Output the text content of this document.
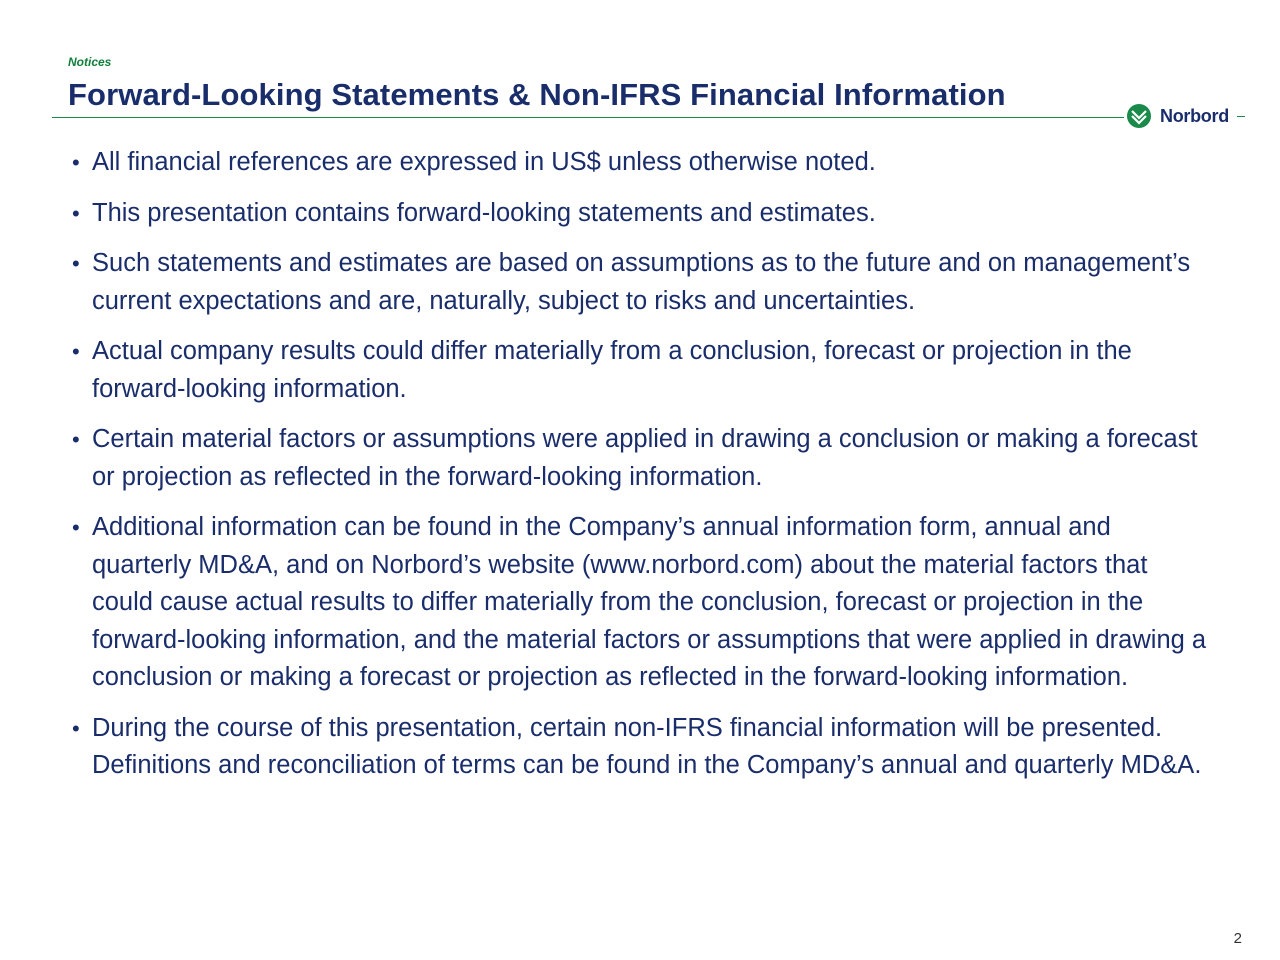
Notices
Forward-Looking Statements & Non-IFRS Financial Information
Norbord
• All financial references are expressed in US$ unless otherwise noted.
• This presentation contains forward-looking statements and estimates.
• Such statements and estimates are based on assumptions as to the future and on management’s current expectations and are, naturally, subject to risks and uncertainties.
• Actual company results could differ materially from a conclusion, forecast or projection in the forward-looking information.
• Certain material factors or assumptions were applied in drawing a conclusion or making a forecast or projection as reflected in the forward-looking information.
• Additional information can be found in the Company’s annual information form, annual and quarterly MD&A, and on Norbord’s website (www.norbord.com) about the material factors that could cause actual results to differ materially from the conclusion, forecast or projection in the forward-looking information, and the material factors or assumptions that were applied in drawing a conclusion or making a forecast or projection as reflected in the forward-looking information.
• During the course of this presentation, certain non-IFRS financial information will be presented. Definitions and reconciliation of terms can be found in the Company’s annual and quarterly MD&A.
2
